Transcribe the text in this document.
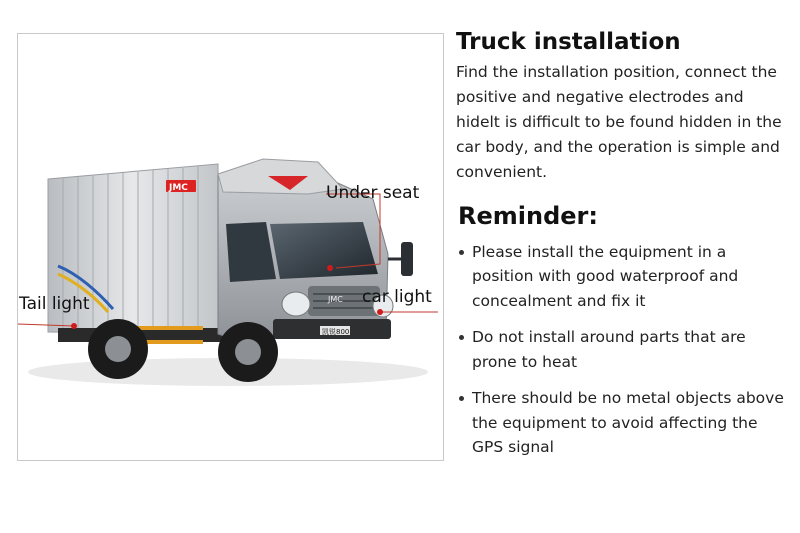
JMC
JMC
凯锐800
Under seat
car light
Tail light
Truck installation

Find the installation position, connect the positive and negative electrodes and hidelt is difficult to be found hidden in the car body, and the operation is simple and convenient.

Reminder:
Please install the equipment in a position with good waterproof and concealment and fix it
Do not install around parts that are prone to heat
There should be no metal objects above the equipment to avoid affecting the GPS signal
